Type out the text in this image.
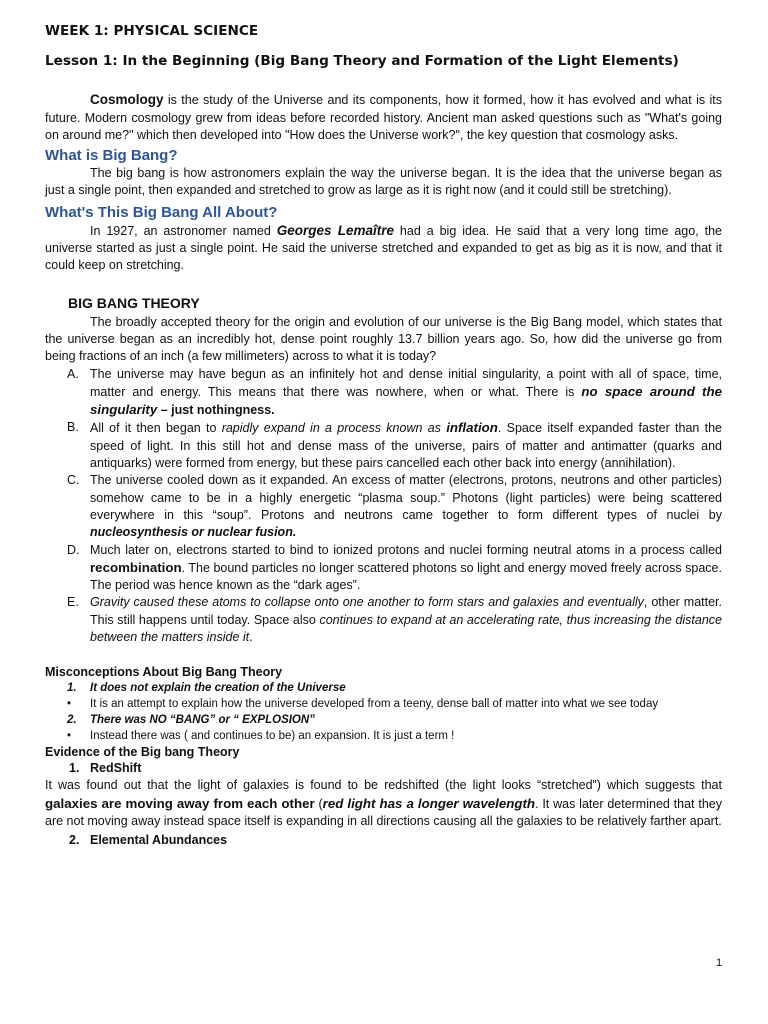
WEEK 1: PHYSICAL SCIENCE

Lesson 1: In the Beginning (Big Bang Theory and Formation of the Light Elements)

Cosmology is the study of the Universe and its components, how it formed, how it has evolved and what is its future. Modern cosmology grew from ideas before recorded history. Ancient man asked questions such as "What's going on around me?" which then developed into "How does the Universe work?", the key question that cosmology asks.

What is Big Bang?

The big bang is how astronomers explain the way the universe began. It is the idea that the universe began as just a single point, then expanded and stretched to grow as large as it is right now (and it could still be stretching).

What's This Big Bang All About?

In 1927, an astronomer named Georges Lemaître had a big idea. He said that a very long time ago, the universe started as just a single point. He said the universe stretched and expanded to get as big as it is now, and that it could keep on stretching.

BIG BANG THEORY

The broadly accepted theory for the origin and evolution of our universe is the Big Bang model, which states that the universe began as an incredibly hot, dense point roughly 13.7 billion years ago. So, how did the universe go from being fractions of an inch (a few millimeters) across to what it is today?

A. The universe may have begun as an infinitely hot and dense initial singularity, a point with all of space, time, matter and energy. This means that there was nowhere, when or what. There is no space around the singularity – just nothingness.
B. All of it then began to rapidly expand in a process known as inflation. Space itself expanded faster than the speed of light. In this still hot and dense mass of the universe, pairs of matter and antimatter (quarks and antiquarks) were formed from energy, but these pairs cancelled each other back into energy (annihilation).
C. The universe cooled down as it expanded. An excess of matter (electrons, protons, neutrons and other particles) somehow came to be in a highly energetic “plasma soup.” Photons (light particles) were being scattered everywhere in this “soup”. Protons and neutrons came together to form different types of nuclei by nucleosynthesis or nuclear fusion.
D. Much later on, electrons started to bind to ionized protons and nuclei forming neutral atoms in a process called recombination. The bound particles no longer scattered photons so light and energy moved freely across space. The period was hence known as the “dark ages”.
E. Gravity caused these atoms to collapse onto one another to form stars and galaxies and eventually, other matter. This still happens until today. Space also continues to expand at an accelerating rate, thus increasing the distance between the matters inside it.
Misconceptions About Big Bang Theory
1. It does not explain the creation of the Universe
• It is an attempt to explain how the universe developed from a teeny, dense ball of matter into what we see today
2. There was NO “BANG” or “ EXPLOSION”
• Instead there was ( and continues to be) an expansion. It is just a term !
Evidence of the Big bang Theory

1. RedShift

It was found out that the light of galaxies is found to be redshifted (the light looks “stretched”) which suggests that galaxies are moving away from each other (red light has a longer wavelength. It was later determined that they are not moving away instead space itself is expanding in all directions causing all the galaxies to be relatively farther apart.

2. Elemental Abundances

1
